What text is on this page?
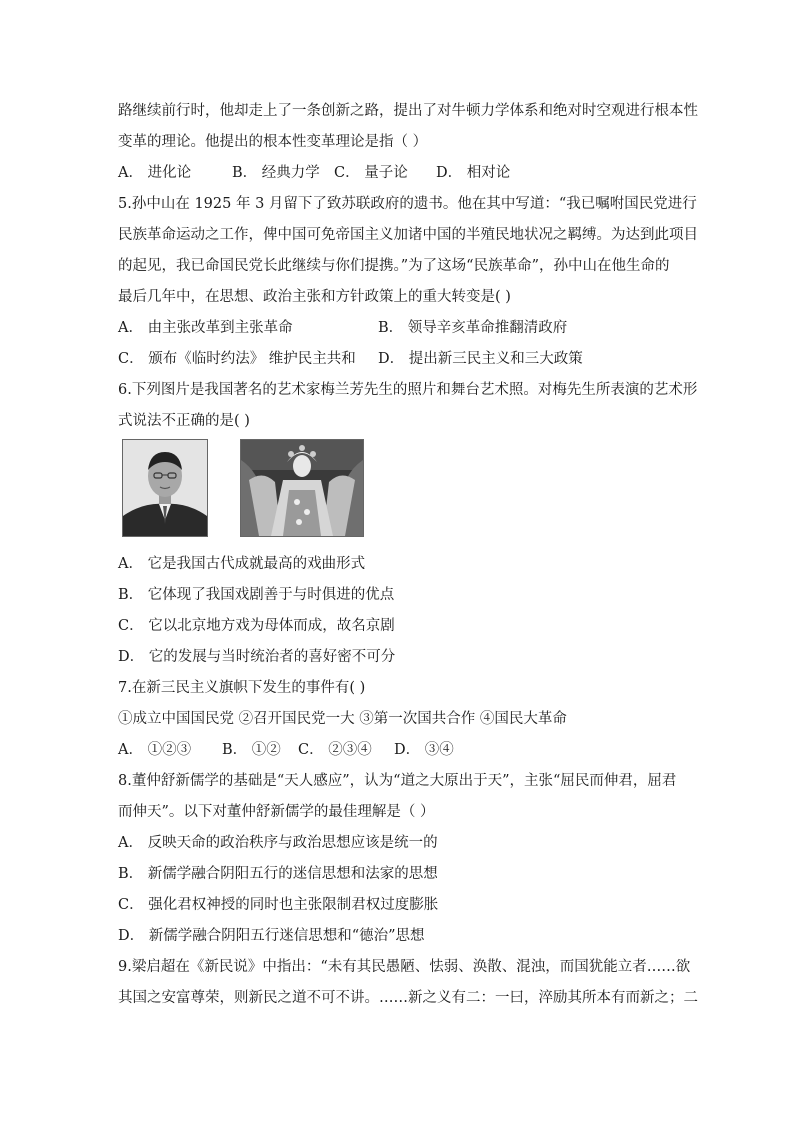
路继续前行时，他却走上了一条创新之路，提出了对牛顿力学体系和绝对时空观进行根本性
变革的理论。他提出的根本性变革理论是指（ ）
A． 进化论	B． 经典力学 C． 量子论 D． 相对论
5.孙中山在 1925 年 3 月留下了致苏联政府的遗书。他在其中写道：“我已嘱咐国民党进行
民族革命运动之工作，俾中国可免帝国主义加诸中国的半殖民地状况之羁缚。为达到此项目
的起见，我已命国民党长此继续与你们提携。”为了这场“民族革命”，孙中山在他生命的
最后几年中，在思想、政治主张和方针政策上的重大转变是( )
A． 由主张改革到主张革命	B． 领导辛亥革命推翻清政府
C． 颁布《临时约法》 维护民主共和 D． 提出新三民主义和三大政策
6.下列图片是我国著名的艺术家梅兰芳先生的照片和舞台艺术照。对梅先生所表演的艺术形
式说法不正确的是( )
A． 它是我国古代成就最高的戏曲形式
B． 它体现了我国戏剧善于与时俱进的优点
C． 它以北京地方戏为母体而成，故名京剧
D． 它的发展与当时统治者的喜好密不可分
7.在新三民主义旗帜下发生的事件有( )
①成立中国国民党 ②召开国民党一大 ③第一次国共合作 ④国民大革命
A． ①②③ B． ①② C． ②③④ D． ③④
8.董仲舒新儒学的基础是“天人感应”，认为“道之大原出于天”，主张“屈民而伸君，屈君
而伸天”。以下对董仲舒新儒学的最佳理解是（ ）
A． 反映天命的政治秩序与政治思想应该是统一的
B． 新儒学融合阴阳五行的迷信思想和法家的思想
C． 强化君权神授的同时也主张限制君权过度膨胀
D． 新儒学融合阴阳五行迷信思想和“德治”思想
9.梁启超在《新民说》中指出：“未有其民愚陋、怯弱、涣散、混浊，而国犹能立者……欲
其国之安富尊荣，则新民之道不可不讲。……新之义有二：一曰，淬励其所本有而新之；二
